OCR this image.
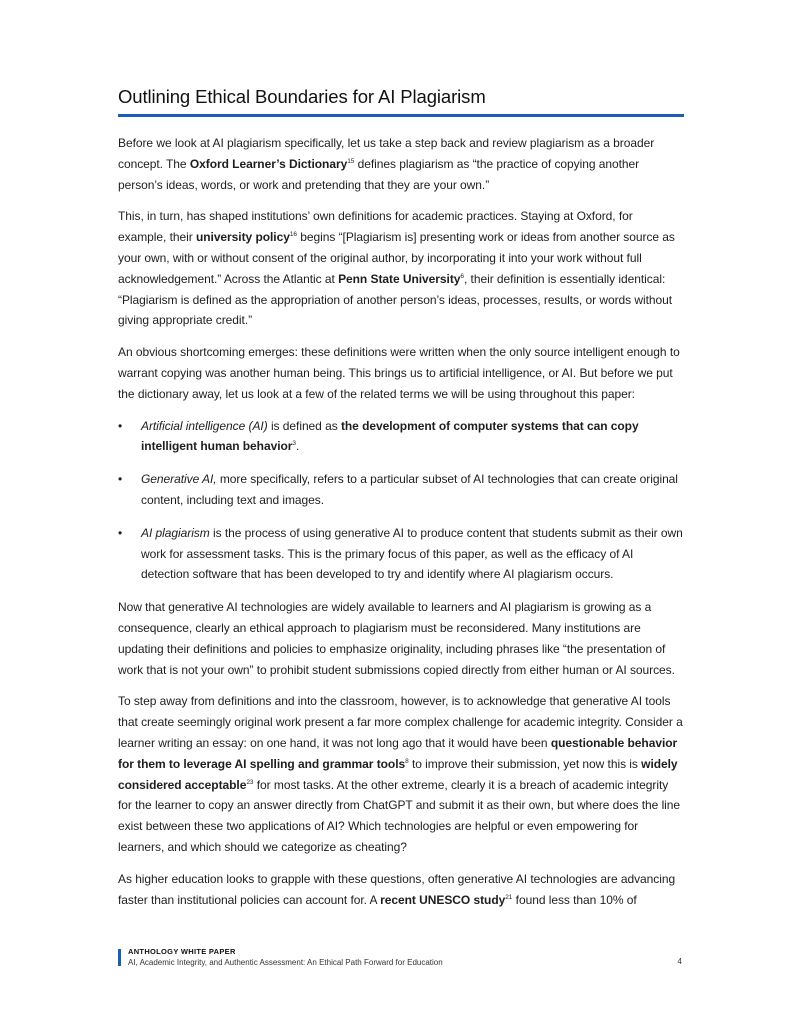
Outlining Ethical Boundaries for AI Plagiarism

Before we look at AI plagiarism specifically, let us take a step back and review plagiarism as a broader concept. The Oxford Learner’s Dictionary$^{15}$ defines plagiarism as “the practice of copying another person’s ideas, words, or work and pretending that they are your own.”

This, in turn, has shaped institutions’ own definitions for academic practices. Staying at Oxford, for example, their university policy$^{16}$ begins “[Plagiarism is] presenting work or ideas from another source as your own, with or without consent of the original author, by incorporating it into your work without full acknowledgement.” Across the Atlantic at Penn State University$^6$, their definition is essentially identical: “Plagiarism is defined as the appropriation of another person’s ideas, processes, results, or words without giving appropriate credit.”

An obvious shortcoming emerges: these definitions were written when the only source intelligent enough to warrant copying was another human being. This brings us to artificial intelligence, or AI. But before we put the dictionary away, let us look at a few of the related terms we will be using throughout this paper:

• Artificial intelligence (AI) is defined as the development of computer systems that can copy intelligent human behavior$^3$.
• Generative AI, more specifically, refers to a particular subset of AI technologies that can create original content, including text and images.
• AI plagiarism is the process of using generative AI to produce content that students submit as their own work for assessment tasks. This is the primary focus of this paper, as well as the efficacy of AI detection software that has been developed to try and identify where AI plagiarism occurs.

Now that generative AI technologies are widely available to learners and AI plagiarism is growing as a consequence, clearly an ethical approach to plagiarism must be reconsidered. Many institutions are updating their definitions and policies to emphasize originality, including phrases like “the presentation of work that is not your own” to prohibit student submissions copied directly from either human or AI sources.

To step away from definitions and into the classroom, however, is to acknowledge that generative AI tools that create seemingly original work present a far more complex challenge for academic integrity. Consider a learner writing an essay: on one hand, it was not long ago that it would have been questionable behavior for them to leverage AI spelling and grammar tools$^8$ to improve their submission, yet now this is widely considered acceptable$^{23}$ for most tasks. At the other extreme, clearly it is a breach of academic integrity for the learner to copy an answer directly from ChatGPT and submit it as their own, but where does the line exist between these two applications of AI? Which technologies are helpful or even empowering for learners, and which should we categorize as cheating?

As higher education looks to grapple with these questions, often generative AI technologies are advancing faster than institutional policies can account for. A recent UNESCO study$^{21}$ found less than 10% of

ANTHOLOGY WHITE PAPER
AI, Academic Integrity, and Authentic Assessment: An Ethical Path Forward for Education	4
